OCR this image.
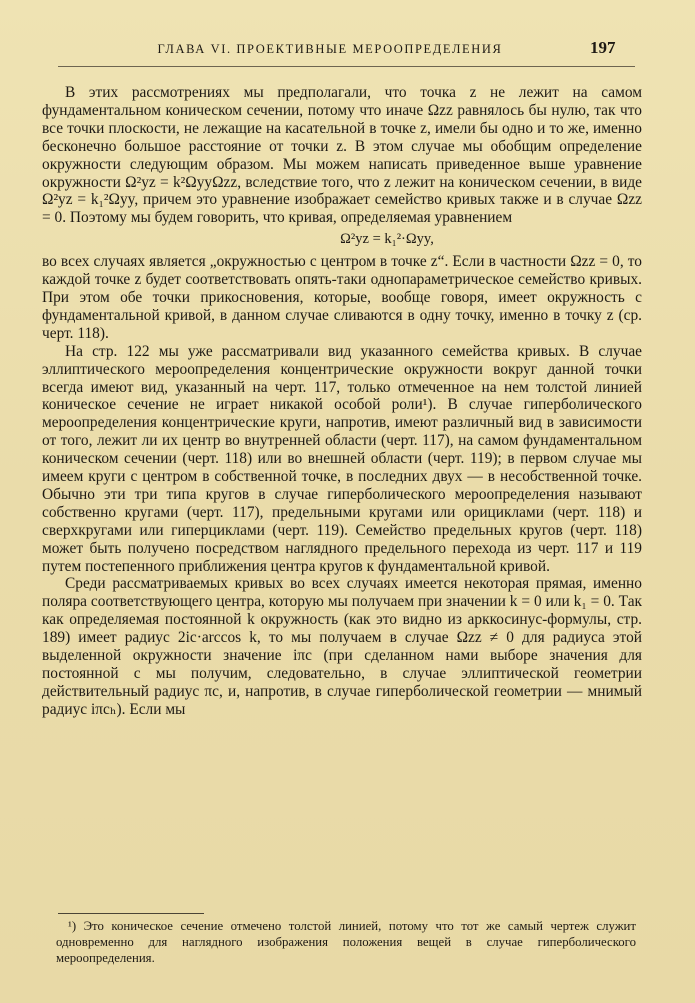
ГЛАВА VI. ПРОЕКТИВНЫЕ МЕРООПРЕДЕЛЕНИЯ	197

В этих рассмотрениях мы предполагали, что точка z не лежит на самом фундаментальном коническом сечении, потому что иначе Ωzz равнялось бы нулю, так что все точки плоскости, не лежащие на касательной в точке z, имели бы одно и то же, именно бесконечно большое расстояние от точки z. В этом случае мы обобщим определение окружности следующим образом. Мы можем написать приведенное выше уравнение окружности Ω²yz = k²ΩyyΩzz, вследствие того, что z лежит на коническом сечении, в виде Ω²yz = k₁²Ωyy, причем это уравнение изображает семейство кривых также и в случае Ωzz = 0. Поэтому мы будем говорить, что кривая, определяемая уравнением

Ω²yz = k₁²·Ωyy,

во всех случаях является „окружностью с центром в точке z“. Если в частности Ωzz = 0, то каждой точке z будет соответствовать опять-таки однопараметрическое семейство кривых. При этом обе точки прикосновения, которые, вообще говоря, имеет окружность с фундаментальной кривой, в данном случае сливаются в одну точку, именно в точку z (ср. черт. 118).

На стр. 122 мы уже рассматривали вид указанного семейства кривых. В случае эллиптического мероопределения концентрические окружности вокруг данной точки всегда имеют вид, указанный на черт. 117, только отмеченное на нем толстой линией коническое сечение не играет никакой особой роли¹). В случае гиперболического мероопределения концентрические круги, напротив, имеют различный вид в зависимости от того, лежит ли их центр во внутренней области (черт. 117), на самом фундаментальном коническом сечении (черт. 118) или во внешней области (черт. 119); в первом случае мы имеем круги с центром в собственной точке, в последних двух — в несобственной точке. Обычно эти три типа кругов в случае гиперболического мероопределения называют собственно кругами (черт. 117), предельными кругами или орициклами (черт. 118) и сверхкругами или гиперциклами (черт. 119). Семейство предельных кругов (черт. 118) может быть получено посредством наглядного предельного перехода из черт. 117 и 119 путем постепенного приближения центра кругов к фундаментальной кривой.

Среди рассматриваемых кривых во всех случаях имеется некоторая прямая, именно поляра соответствующего центра, которую мы получаем при значении k = 0 или k₁ = 0. Так как определяемая постоянной k окружность (как это видно из арккосинус-формулы, стр. 189) имеет радиус 2ic·arccos k, то мы получаем в случае Ωzz ≠ 0 для радиуса этой выделенной окружности значение iπc (при сделанном нами выборе значения для постоянной c мы получим, следовательно, в случае эллиптической геометрии действительный радиус πc, и, напротив, в случае гиперболической геометрии — мнимый радиус iπcₕ). Если мы

¹) Это коническое сечение отмечено толстой линией, потому что тот же самый чертеж служит одновременно для наглядного изображения положения вещей в случае гиперболического мероопределения.
